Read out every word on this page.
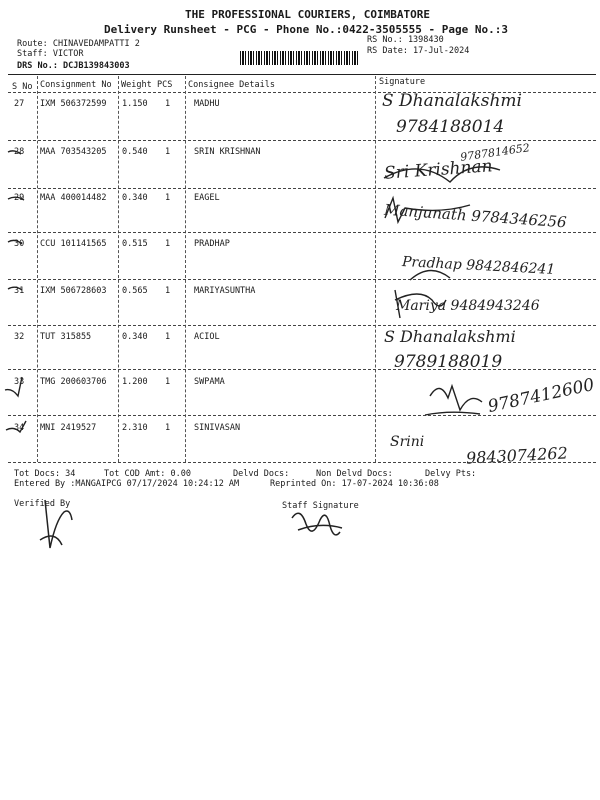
THE PROFESSIONAL COURIERS, COIMBATORE
Delivery Runsheet - PCG - Phone No.:0422-3505555 - Page No.:3
Route: CHINAVEDAMPATTI 2
Staff: VICTOR
DRS No.: DCJB139843003
RS No.: 1398430
RS Date: 17-Jul-2024
S No Consignment No Weight PCS Consignee Details	Signature
27 IXM 506372599 1.150 1	MADHU	S Dhanalakshmi
9784188014
28 MAA 703543205 0.540 1	SRIN KRISHNAN	9787814652
Sri Krishnan
29 MAA 400014482 0.340 1	EAGEL
Manjunath 9784346256
30 CCU 101141565 0.515 1	PRADHAP
Pradhap 9842846241
31 IXM 506728603 0.565 1	MARIYASUNTHA
Mariya 9484943246
32 TUT 315855	0.340 1	ACIOL	S Dhanalakshmi
9789188019
33 TMG 200603706 1.200 1	SWPAMA	9787412600
34 MNI 2419527	2.310 1	SINIVASAN
Srini
9843074262
Tot Docs: 34	Tot COD Amt: 0.00	Delvd Docs:	Non Delvd Docs:	Delvy Pts:
Entered By :MANGAIPCG 07/17/2024 10:24:12 AM	Reprinted On: 17-07-2024 10:36:08
Verified By	Staff Signature
